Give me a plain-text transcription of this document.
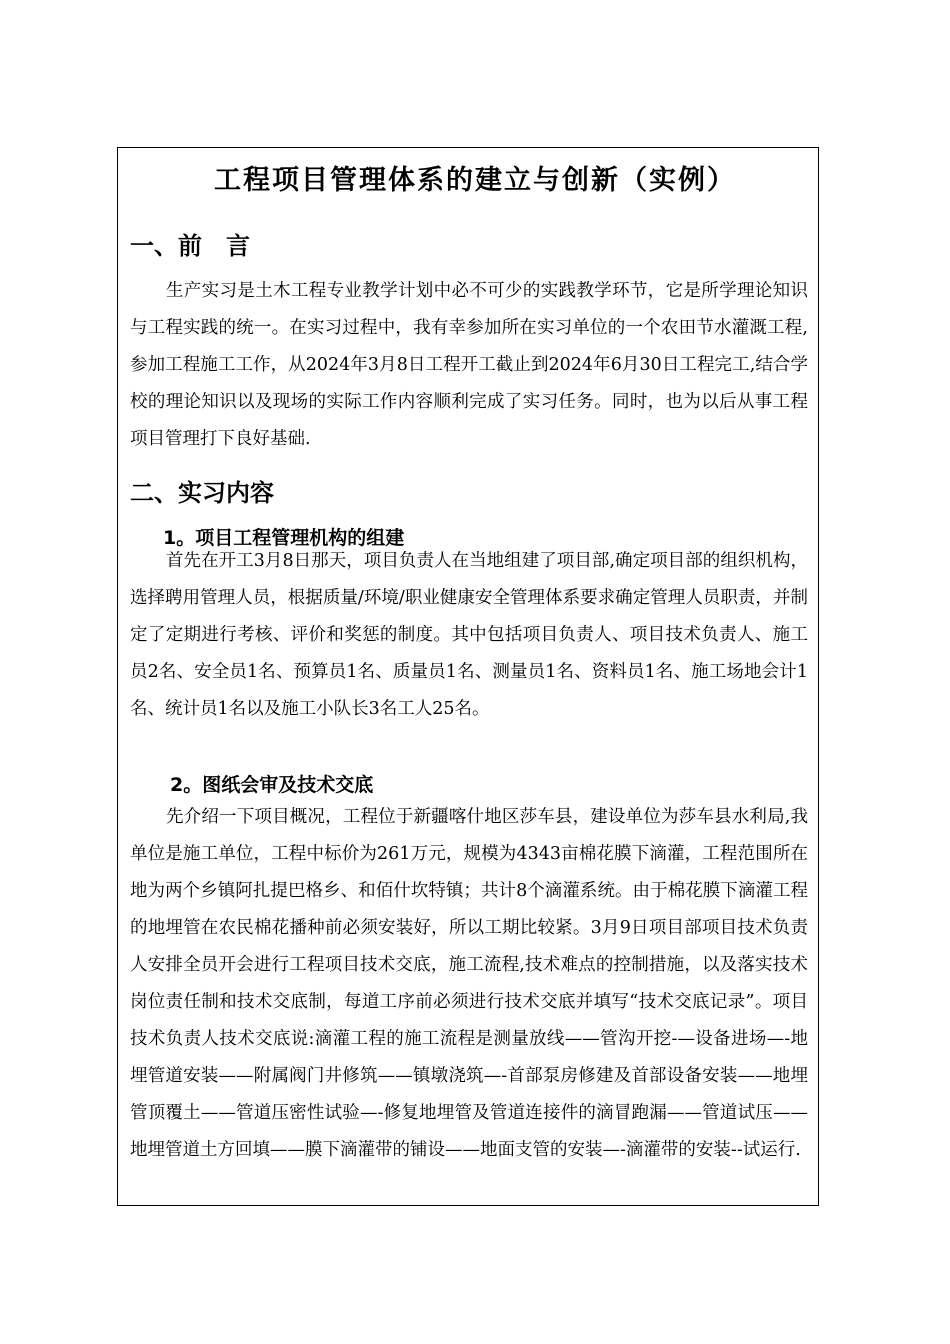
工程项目管理体系的建立与创新（实例）
一、前　言

生产实习是土木工程专业教学计划中必不可少的实践教学环节，它是所学理论知识与工程实践的统一。在实习过程中，我有幸参加所在实习单位的一个农田节水灌溉工程,参加工程施工工作，从2024年3月8日工程开工截止到2024年6月30日工程完工,结合学校的理论知识以及现场的实际工作内容顺利完成了实习任务。同时，也为以后从事工程项目管理打下良好基础.

二、实习内容
1。项目工程管理机构的组建

首先在开工3月8日那天，项目负责人在当地组建了项目部,确定项目部的组织机构，选择聘用管理人员，根据质量/环境/职业健康安全管理体系要求确定管理人员职责，并制定了定期进行考核、评价和奖惩的制度。其中包括项目负责人、项目技术负责人、施工员2名、安全员1名、预算员1名、质量员1名、测量员1名、资料员1名、施工场地会计1名、统计员1名以及施工小队长3名工人25名。

2。图纸会审及技术交底

先介绍一下项目概况，工程位于新疆喀什地区莎车县，建设单位为莎车县水利局,我单位是施工单位，工程中标价为261万元，规模为4343亩棉花膜下滴灌，工程范围所在地为两个乡镇阿扎提巴格乡、和佰什坎特镇；共计8个滴灌系统。由于棉花膜下滴灌工程的地埋管在农民棉花播种前必须安装好，所以工期比较紧。3月9日项目部项目技术负责人安排全员开会进行工程项目技术交底，施工流程,技术难点的控制措施，以及落实技术岗位责任制和技术交底制，每道工序前必须进行技术交底并填写“技术交底记录”。项目技术负责人技术交底说:滴灌工程的施工流程是测量放线——管沟开挖-—设备进场—-地埋管道安装——附属阀门井修筑——镇墩浇筑—-首部泵房修建及首部设备安装——地埋管顶覆土——管道压密性试验—-修复地埋管及管道连接件的滴冒跑漏——管道试压——地埋管道土方回填——膜下滴灌带的铺设——地面支管的安装—-滴灌带的安装--试运行.
